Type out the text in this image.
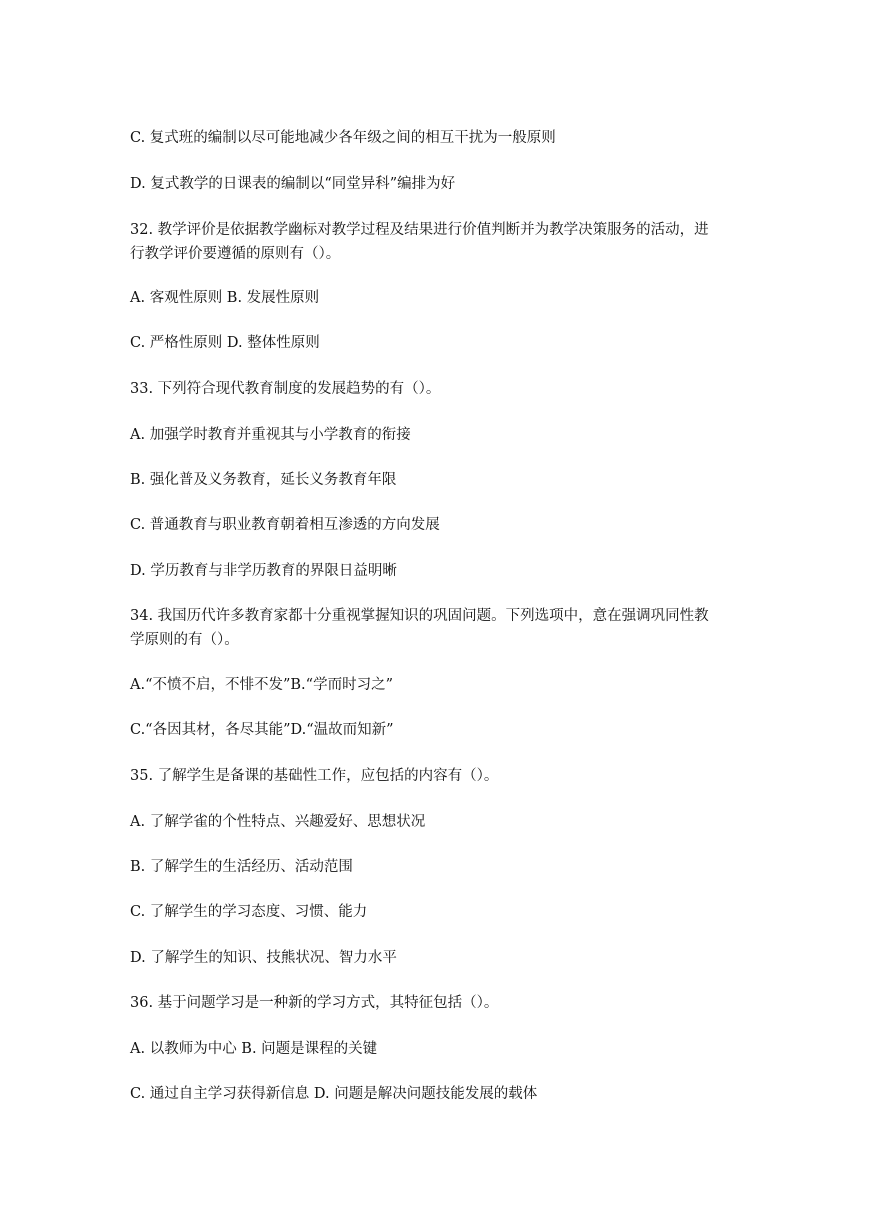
C. 复式班的编制以尽可能地减少各年级之间的相互干扰为一般原则
D. 复式教学的日课表的编制以“同堂异科”编排为好
32. 教学评价是依据教学幽标对教学过程及结果进行价值判断并为教学决策服务的活动，进
行教学评价要遵循的原则有（）。
A. 客观性原则 B. 发展性原则
C. 严格性原则 D. 整体性原则
33. 下列符合现代教育制度的发展趋势的有（）。
A. 加强学时教育并重视其与小学教育的衔接
B. 强化普及义务教育，延长义务教育年限
C. 普通教育与职业教育朝着相互渗透的方向发展
D. 学历教育与非学历教育的界限日益明晰
34. 我国历代许多教育家都十分重视掌握知识的巩固问题。下列选项中，意在强调巩同性教
学原则的有（）。
A.“不愤不启，不悱不发”B.“学而时习之”
C.“各因其材，各尽其能”D.“温故而知新”
35. 了解学生是备课的基础性工作，应包括的内容有（）。
A. 了解学雀的个性特点、兴趣爱好、思想状况
B. 了解学生的生活经历、活动范围
C. 了解学生的学习态度、习惯、能力
D. 了解学生的知识、技熊状况、智力水平
36. 基于问题学习是一种新的学习方式，其特征包括（）。
A. 以教师为中心 B. 问题是课程的关键
C. 通过自主学习获得新信息 D. 问题是解决问题技能发展的载体
